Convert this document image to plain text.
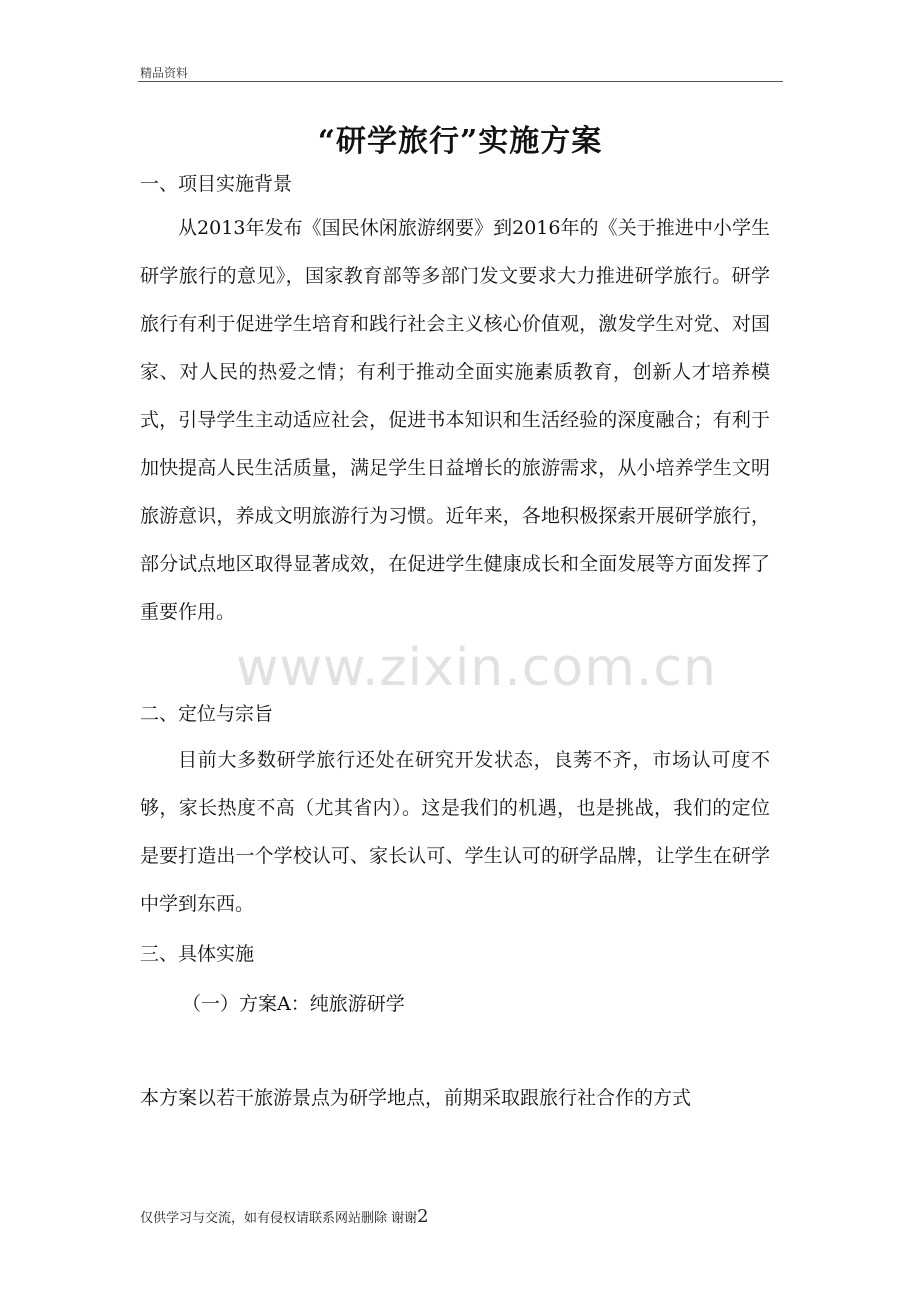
精品资料
“研学旅行”实施方案
一、项目实施背景
从2013年发布《国民休闲旅游纲要》到2016年的《关于推进中小学生研学旅行的意见》，国家教育部等多部门发文要求大力推进研学旅行。研学旅行有利于促进学生培育和践行社会主义核心价值观，激发学生对党、对国家、对人民的热爱之情；有利于推动全面实施素质教育，创新人才培养模式，引导学生主动适应社会，促进书本知识和生活经验的深度融合；有利于加快提高人民生活质量，满足学生日益增长的旅游需求，从小培养学生文明旅游意识，养成文明旅游行为习惯。近年来，各地积极探索开展研学旅行，部分试点地区取得显著成效，在促进学生健康成长和全面发展等方面发挥了重要作用。
二、定位与宗旨
目前大多数研学旅行还处在研究开发状态，良莠不齐，市场认可度不够，家长热度不高（尤其省内）。这是我们的机遇，也是挑战，我们的定位是要打造出一个学校认可、家长认可、学生认可的研学品牌，让学生在研学中学到东西。
三、具体实施
（一）方案A：纯旅游研学
本方案以若干旅游景点为研学地点，前期采取跟旅行社合作的方式
www.zixin.com.cn
仅供学习与交流，如有侵权请联系网站删除 谢谢2
